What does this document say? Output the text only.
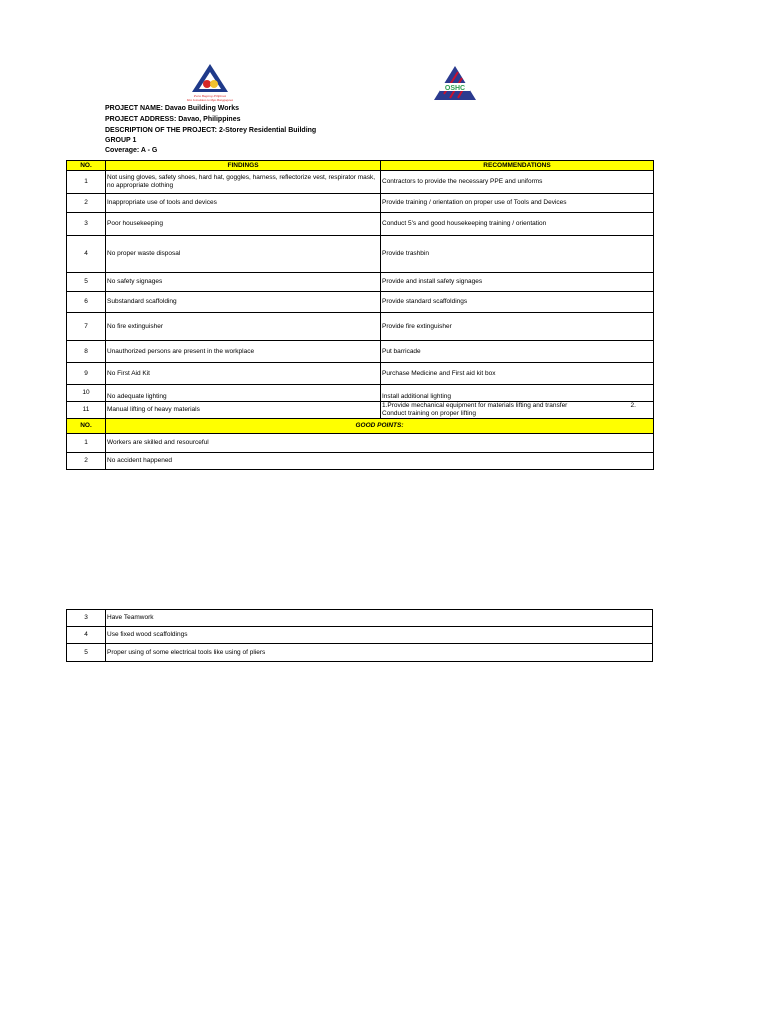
Para Bagong Pilipinas
Mas Lumalakas na Mga Manggagawa
OSHC
PROJECT NAME: Davao Building Works
PROJECT ADDRESS: Davao, Philippines
DESCRIPTION OF THE PROJECT: 2-Storey Residential Building
GROUP 1
Coverage: A - G
NO.	FINDINGS	RECOMMENDATIONS
1	Not using gloves, safety shoes, hard hat, goggles, harness, reflectorize vest, respirator mask, no appropriate clothing	Contractors to provide the necessary PPE and uniforms
2	Inappropriate use of tools and devices	Provide training / orientation on proper use of Tools and Devices
3	Poor housekeeping	Conduct 5's and good housekeeping training / orientation
4	No proper waste disposal	Provide trashbin
5	No safety signages	Provide and install safety signages
6	Substandard scaffolding	Provide standard scaffoldings
7	No fire extinguisher	Provide fire extinguisher
8	Unauthorized persons are present in the workplace	Put barricade
9	No First Aid Kit	Purchase Medicine and First aid kit box
10	No adequate lighting	Install additional lighting
11	Manual lifting of heavy materials	1.Provide mechanical equipment for materials lifting and transfer                                   2. Conduct training on proper lifting
NO.	GOOD POINTS:	
1	Workers are skilled and resourceful	
2	No accident happened	
3	Have Teamwork
4	Use fixed wood scaffoldings
5	Proper using of some electrical tools like using of pliers
